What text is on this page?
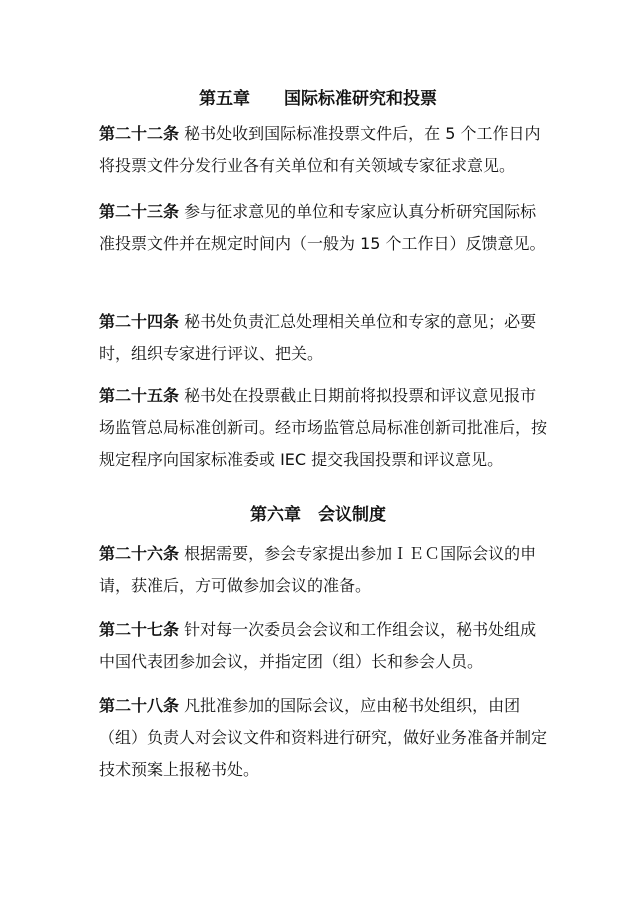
第五章　　国际标准研究和投票

第二十二条 秘书处收到国际标准投票文件后，在 5 个工作日内将投票文件分发行业各有关单位和有关领域专家征求意见。

第二十三条 参与征求意见的单位和专家应认真分析研究国际标准投票文件并在规定时间内（一般为 15 个工作日）反馈意见。

第二十四条 秘书处负责汇总处理相关单位和专家的意见；必要时，组织专家进行评议、把关。

第二十五条 秘书处在投票截止日期前将拟投票和评议意见报市场监管总局标准创新司。经市场监管总局标准创新司批准后，按规定程序向国家标准委或 IEC 提交我国投票和评议意见。

第六章　会议制度

第二十六条 根据需要，参会专家提出参加ＩＥＣ国际会议的申请，获准后，方可做参加会议的准备。

第二十七条 针对每一次委员会会议和工作组会议，秘书处组成中国代表团参加会议，并指定团（组）长和参会人员。

第二十八条 凡批准参加的国际会议，应由秘书处组织，由团（组）负责人对会议文件和资料进行研究，做好业务准备并制定技术预案上报秘书处。
